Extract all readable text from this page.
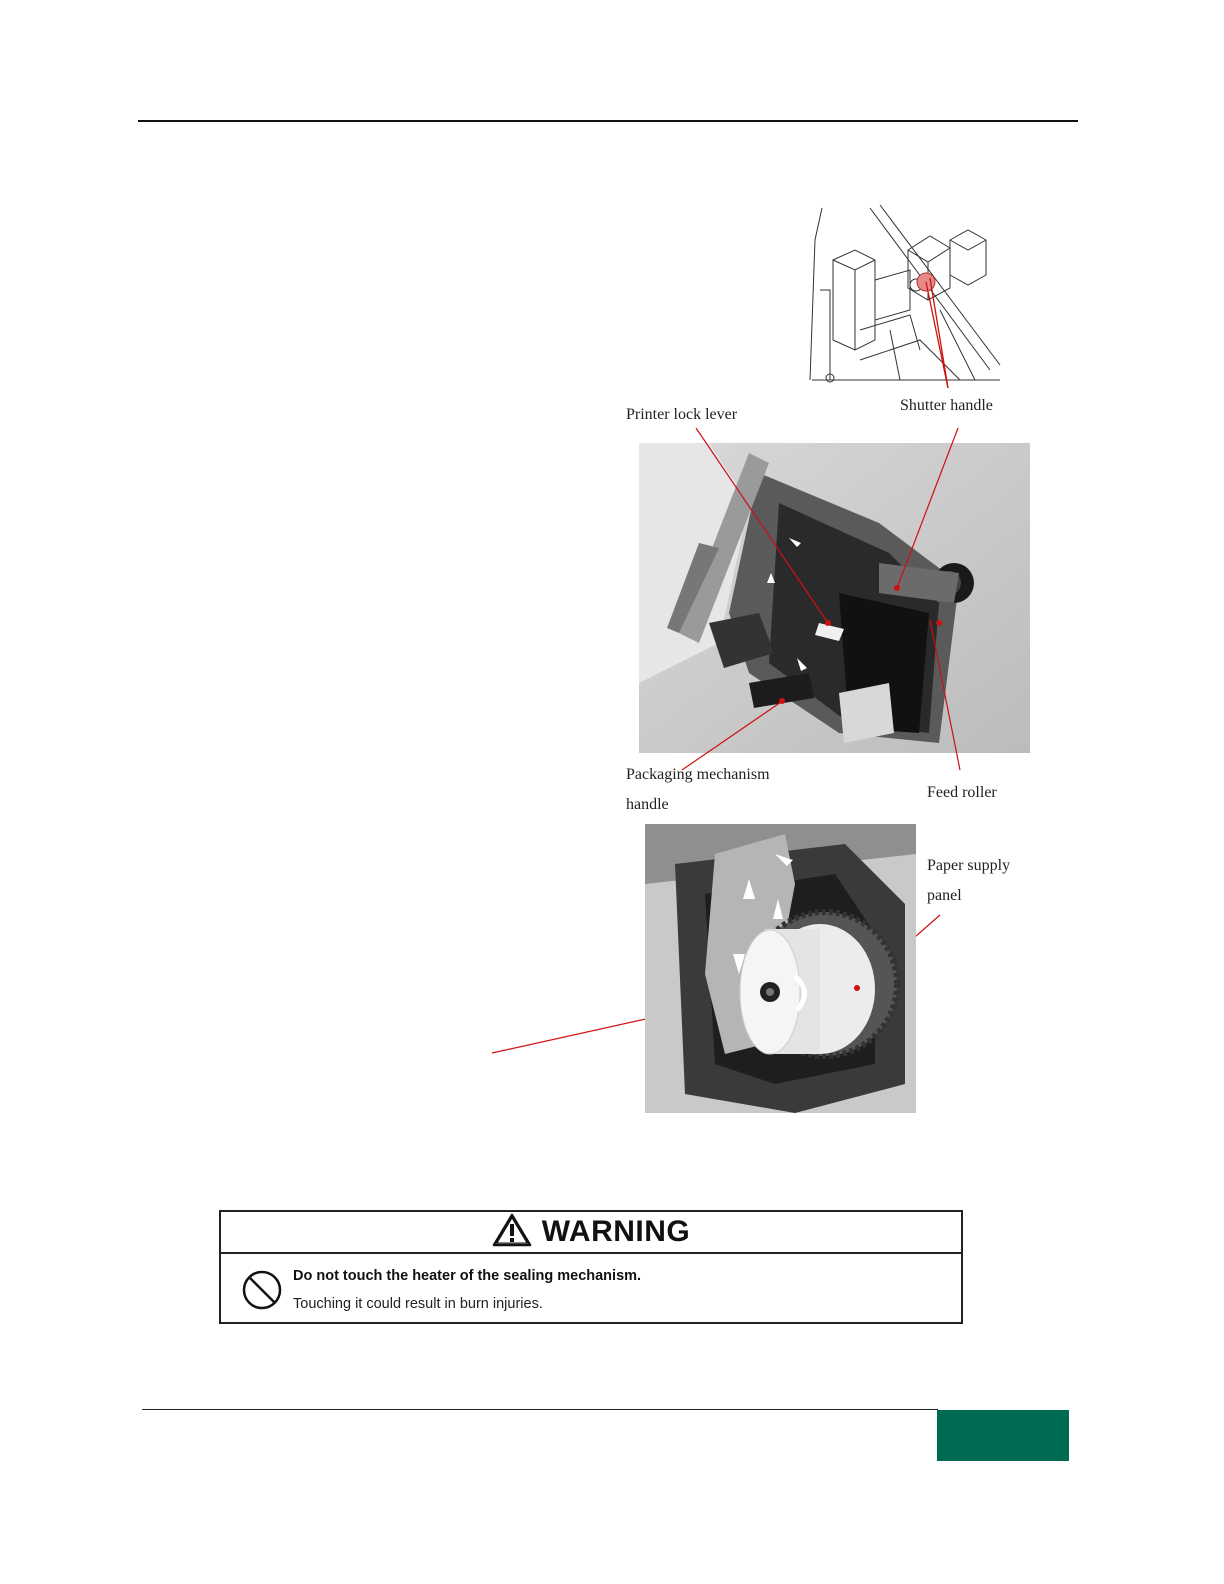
Shutter handle
Printer lock lever
Packaging mechanism
handle
Feed roller
Paper supply
panel
WARNING
Do not touch the heater of the sealing mechanism.
Touching it could result in burn injuries.
